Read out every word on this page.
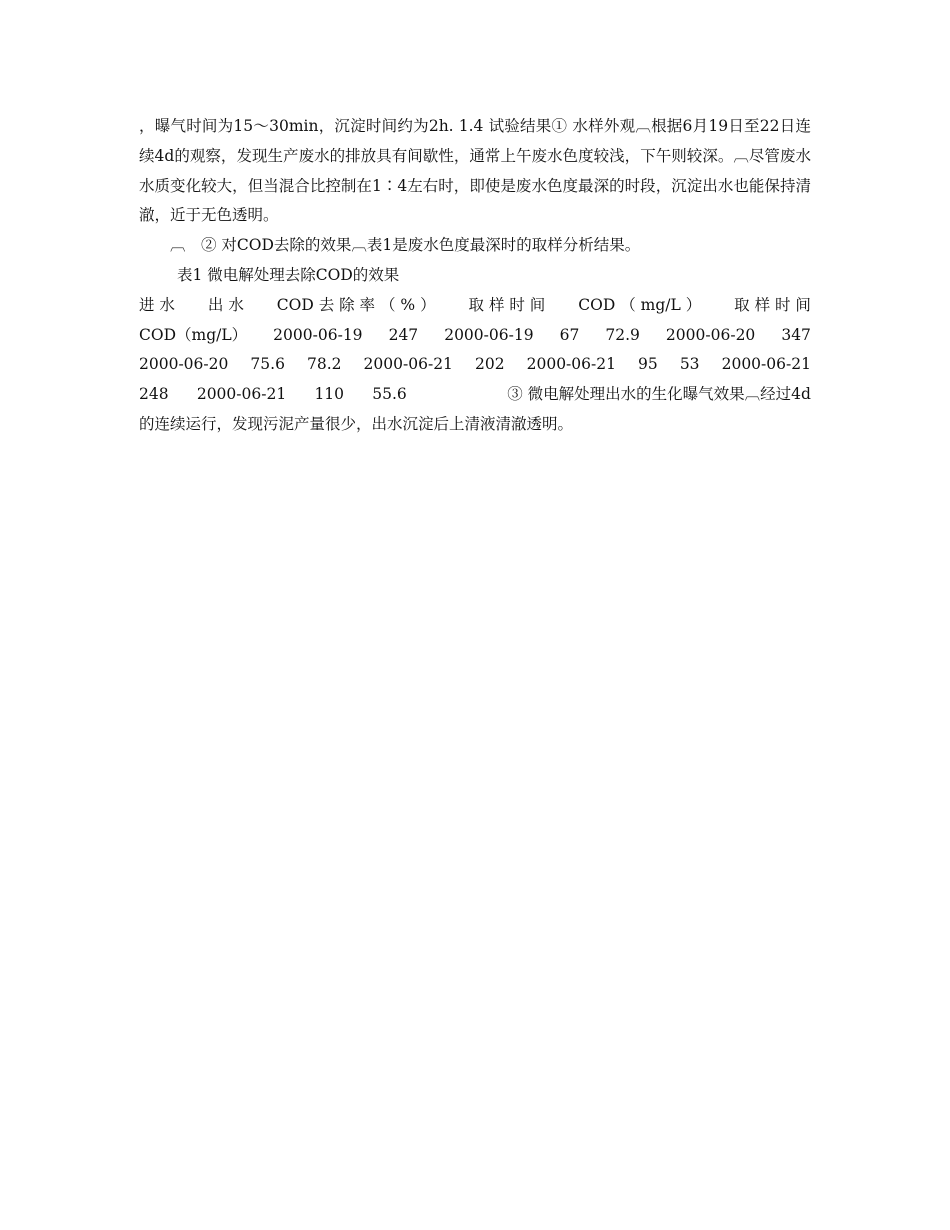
，曝气时间为15～30min，沉淀时间约为2h. 1.4 试验结果① 水样外观︹根据6月19日至22日连续4d的观察，发现生产废水的排放具有间歇性，通常上午废水色度较浅，下午则较深。︹尽管废水水质变化较大，但当混合比控制在1∶4左右时，即使是废水色度最深的时段，沉淀出水也能保持清澈，近于无色透明。

︹　② 对COD去除的效果︹表1是废水色度最深时的取样分析结果。

表1 微电解处理去除COD的效果

进 水 出 水 COD 去 除 率 （ % ） 取 样 时 间 COD （ mg/L ） 取 样 时 间
COD（mg/L） 2000-06-19 247 2000-06-19 67 72.9 2000-06-20 347
2000-06-20 75.6 78.2 2000-06-21 202 2000-06-21 95 53 2000-06-21
248 2000-06-21 110 55.6	③ 微电解处理出水的生化曝气效果︹经过4d

的连续运行，发现污泥产量很少，出水沉淀后上清液清澈透明。
